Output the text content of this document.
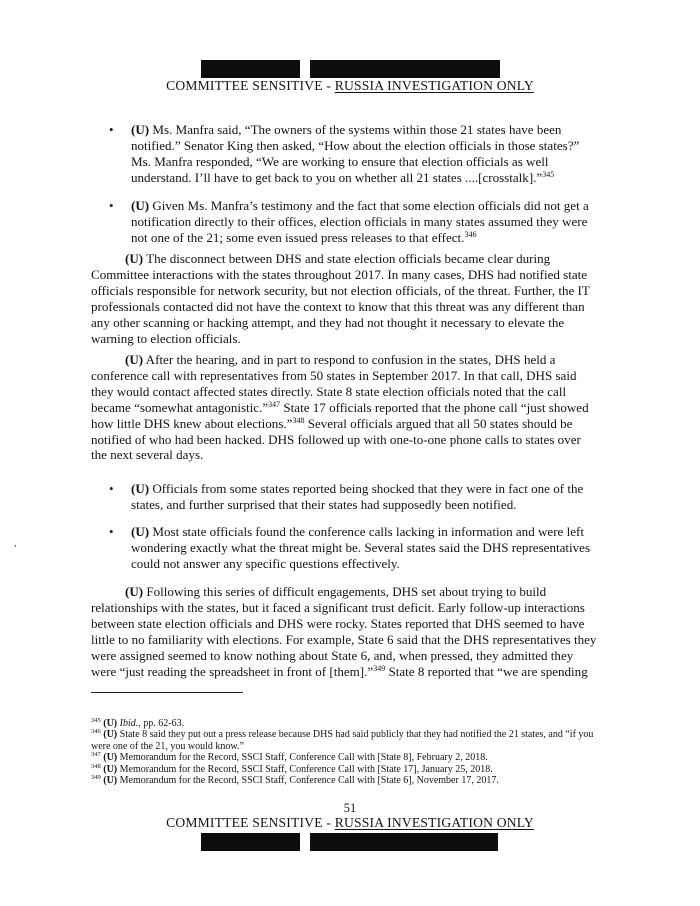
COMMITTEE SENSITIVE - RUSSIA INVESTIGATION ONLY
• (U) Ms. Manfra said, “The owners of the systems within those 21 states have been notified.” Senator King then asked, “How about the election officials in those states?” Ms. Manfra responded, “We are working to ensure that election officials as well understand. I’ll have to get back to you on whether all 21 states ....[crosstalk].”$^{345}$
• (U) Given Ms. Manfra’s testimony and the fact that some election officials did not get a notification directly to their offices, election officials in many states assumed they were not one of the 21; some even issued press releases to that effect.$^{346}$
(U) The disconnect between DHS and state election officials became clear during Committee interactions with the states throughout 2017. In many cases, DHS had notified state officials responsible for network security, but not election officials, of the threat. Further, the IT professionals contacted did not have the context to know that this threat was any different than any other scanning or hacking attempt, and they had not thought it necessary to elevate the warning to election officials.
(U) After the hearing, and in part to respond to confusion in the states, DHS held a conference call with representatives from 50 states in September 2017. In that call, DHS said they would contact affected states directly. State 8 state election officials noted that the call became “somewhat antagonistic.”$^{347}$ State 17 officials reported that the phone call “just showed how little DHS knew about elections.”$^{348}$ Several officials argued that all 50 states should be notified of who had been hacked. DHS followed up with one-to-one phone calls to states over the next several days.
• (U) Officials from some states reported being shocked that they were in fact one of the states, and further surprised that their states had supposedly been notified.
• (U) Most state officials found the conference calls lacking in information and were left wondering exactly what the threat might be. Several states said the DHS representatives could not answer any specific questions effectively.
(U) Following this series of difficult engagements, DHS set about trying to build relationships with the states, but it faced a significant trust deficit. Early follow-up interactions between state election officials and DHS were rocky. States reported that DHS seemed to have little to no familiarity with elections. For example, State 6 said that the DHS representatives they were assigned seemed to know nothing about State 6, and, when pressed, they admitted they were “just reading the spreadsheet in front of [them].”$^{349}$ State 8 reported that “we are spending
$^{345}$ (U) Ibid., pp. 62-63.
$^{346}$ (U) State 8 said they put out a press release because DHS had said publicly that they had notified the 21 states, and “if you were one of the 21, you would know.”
$^{347}$ (U) Memorandum for the Record, SSCI Staff, Conference Call with [State 8], February 2, 2018.
$^{348}$ (U) Memorandum for the Record, SSCI Staff, Conference Call with [State 17], January 25, 2018.
$^{349}$ (U) Memorandum for the Record, SSCI Staff, Conference Call with [State 6], November 17, 2017.
51
COMMITTEE SENSITIVE - RUSSIA INVESTIGATION ONLY
,
